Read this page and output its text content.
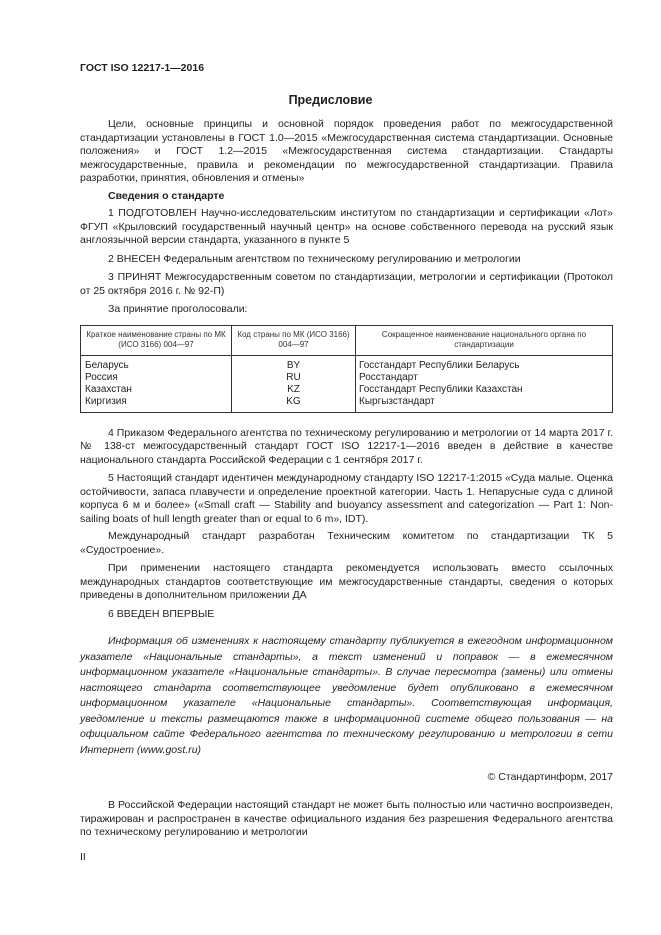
ГОСТ ISO 12217-1—2016
Предисловие

Цели, основные принципы и основной порядок проведения работ по межгосударственной стандартизации установлены в ГОСТ 1.0—2015 «Межгосударственная система стандартизации. Основные положения» и ГОСТ 1.2—2015 «Межгосударственная система стандартизации. Стандарты межгосударственные, правила и рекомендации по межгосударственной стандартизации. Правила разработки, принятия, обновления и отмены»

Сведения о стандарте

1 ПОДГОТОВЛЕН Научно-исследовательским институтом по стандартизации и сертификации «Лот» ФГУП «Крыловский государственный научный центр» на основе собственного перевода на русский язык англоязычной версии стандарта, указанного в пункте 5

2 ВНЕСЕН Федеральным агентством по техническому регулированию и метрологии

3 ПРИНЯТ Межгосударственным советом по стандартизации, метрологии и сертификации (Протокол от 25 октября 2016 г. № 92-П)

За принятие проголосовали:

Краткое наименование страны по МК (ИСО 3166) 004—97	Код страны по МК (ИСО 3166) 004—97	Сокращенное наименование национального органа по стандартизации
Беларусь	BY	Госстандарт Республики Беларусь
Россия	RU	Росстандарт
Казахстан	KZ	Госстандарт Республики Казахстан
Киргизия	KG	Кыргызстандарт

4 Приказом Федерального агентства по техническому регулированию и метрологии от 14 марта 2017 г. № 138-ст межгосударственный стандарт ГОСТ ISO 12217-1—2016 введен в действие в качестве национального стандарта Российской Федерации с 1 сентября 2017 г.

5 Настоящий стандарт идентичен международному стандарту ISO 12217-1:2015 «Суда малые. Оценка остойчивости, запаса плавучести и определение проектной категории. Часть 1. Непарусные суда с длиной корпуса 6 м и более» («Small craft — Stability and buoyancy assessment and categorization — Part 1: Non-sailing boats of hull length greater than or equal to 6 m», IDT).

Международный стандарт разработан Техническим комитетом по стандартизации ТК 5 «Судостроение».

При применении настоящего стандарта рекомендуется использовать вместо ссылочных международных стандартов соответствующие им межгосударственные стандарты, сведения о которых приведены в дополнительном приложении ДА

6 ВВЕДЕН ВПЕРВЫЕ

Информация об изменениях к настоящему стандарту публикуется в ежегодном информационном указателе «Национальные стандарты», а текст изменений и поправок — в ежемесячном информационном указателе «Национальные стандарты». В случае пересмотра (замены) или отмены настоящего стандарта соответствующее уведомление будет опубликовано в ежемесячном информационном указателе «Национальные стандарты». Соответствующая информация, уведомление и тексты размещаются также в информационной системе общего пользования — на официальном сайте Федерального агентства по техническому регулированию и метрологии в сети Интернет (www.gost.ru)

© Стандартинформ, 2017

В Российской Федерации настоящий стандарт не может быть полностью или частично воспроизведен, тиражирован и распространен в качестве официального издания без разрешения Федерального агентства по техническому регулированию и метрологии

II
